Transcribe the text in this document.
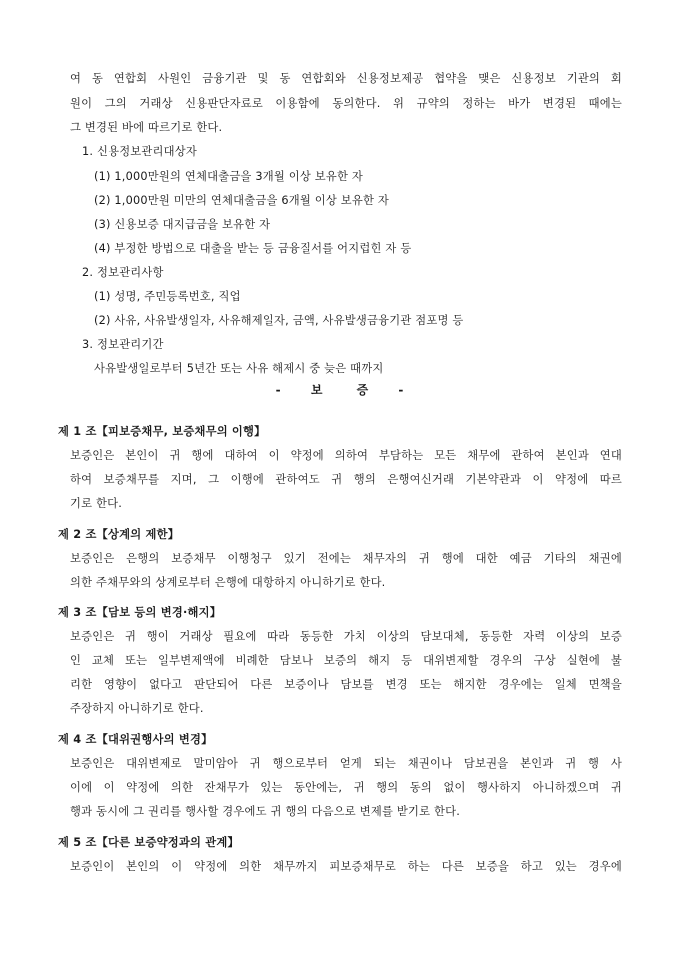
여 동 연합회 사원인 금융기관 및 동 연합회와 신용정보제공 협약을 맺은 신용정보 기관의 회
원이 그의 거래상 신용판단자료로 이용함에 동의한다. 위 규약의 정하는 바가 변경된 때에는
그 변경된 바에 따르기로 한다.
1. 신용정보관리대상자
(1) 1,000만원의 연체대출금을 3개월 이상 보유한 자
(2) 1,000만원 미만의 연체대출금을 6개월 이상 보유한 자
(3) 신용보증 대지급금을 보유한 자
(4) 부정한 방법으로 대출을 받는 등 금융질서를 어지럽힌 자 등
2. 정보관리사항
(1) 성명, 주민등록번호, 직업
(2) 사유, 사유발생일자, 사유해제일자, 금액, 사유발생금융기관 점포명 등
3. 정보관리기간
사유발생일로부터 5년간 또는 사유 해제시 중 늦은 때까지
- 보	증 -
제 1 조【피보증채무, 보증채무의 이행】
보증인은 본인이 귀 행에 대하여 이 약정에 의하여 부담하는 모든 채무에 관하여 본인과 연대
하여 보증채무를 지며, 그 이행에 관하여도 귀 행의 은행여신거래 기본약관과 이 약정에 따르
기로 한다.
제 2 조【상계의 제한】
보증인은 은행의 보증채무 이행청구 있기 전에는 채무자의 귀 행에 대한 예금 기타의 채권에
의한 주채무와의 상계로부터 은행에 대항하지 아니하기로 한다.
제 3 조【담보 등의 변경·해지】
보증인은 귀 행이 거래상 필요에 따라 동등한 가치 이상의 담보대체, 동등한 자력 이상의 보증
인 교체 또는 일부변제액에 비례한 담보나 보증의 해지 등 대위변제할 경우의 구상 실현에 불
리한 영향이 없다고 판단되어 다른 보증이나 담보를 변경 또는 해지한 경우에는 일체 면책을
주장하지 아니하기로 한다.
제 4 조【대위권행사의 변경】
보증인은 대위변제로 말미암아 귀 행으로부터 얻게 되는 채권이나 담보권을 본인과 귀 행 사
이에 이 약정에 의한 잔채무가 있는 동안에는, 귀 행의 동의 없이 행사하지 아니하겠으며 귀
행과 동시에 그 권리를 행사할 경우에도 귀 행의 다음으로 변제를 받기로 한다.
제 5 조【다른 보증약정과의 관계】
보증인이 본인의 이 약정에 의한 채무까지 피보증채무로 하는 다른 보증을 하고 있는 경우에
